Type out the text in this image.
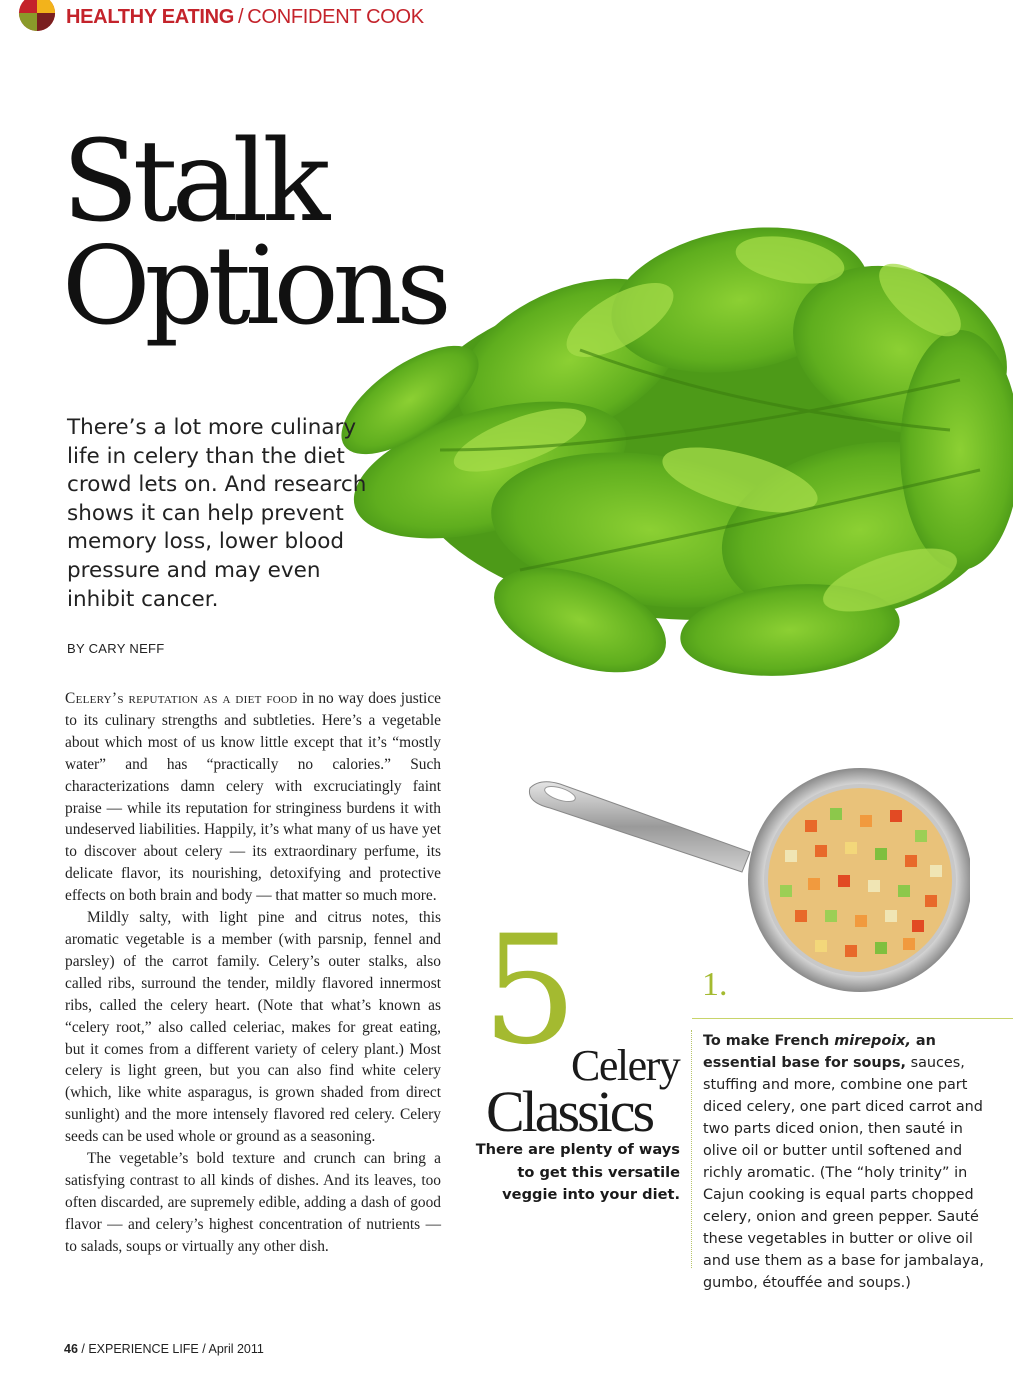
HEALTHY EATING / CONFIDENT COOK
Stalk
Options
There’s a lot more culinary life in celery than the diet crowd lets on. And research shows it can help prevent memory loss, lower blood pressure and may even inhibit cancer.
BY CARY NEFF

Celery’s reputation as a diet food in no way does justice to its culinary strengths and subtleties. Here’s a vegetable about which most of us know little except that it’s “mostly water” and has “practically no calories.” Such characterizations damn celery with excruciatingly faint praise — while its reputation for stringiness burdens it with undeserved liabilities. Happily, it’s what many of us have yet to discover about celery — its extraordinary perfume, its delicate flavor, its nourishing, detoxifying and protective effects on both brain and body — that matter so much more.

Mildly salty, with light pine and citrus notes, this aromatic vegetable is a member (with parsnip, fennel and parsley) of the carrot family. Celery’s outer stalks, also called ribs, surround the tender, mildly flavored innermost ribs, called the celery heart. (Note that what’s known as “celery root,” also called celeriac, makes for great eating, but it comes from a different variety of celery plant.) Most celery is light green, but you can also find white celery (which, like white asparagus, is grown shaded from direct sunlight) and the more intensely flavored red celery. Celery seeds can be used whole or ground as a seasoning.

The vegetable’s bold texture and crunch can bring a satisfying contrast to all kinds of dishes. And its leaves, too often discarded, are supremely edible, adding a dash of good flavor — and celery’s highest concentration of nutrients — to salads, soups or virtually any other dish.

5
Celery
Classics
There are plenty of ways to get this versatile veggie into your diet.
1.
To make French mirepoix, an essential base for soups, sauces, stuffing and more, combine one part diced celery, one part diced carrot and two parts diced onion, then sauté in olive oil or butter until softened and richly aromatic. (The “holy trinity” in Cajun cooking is equal parts chopped celery, onion and green pepper. Sauté these vegetables in butter or olive oil and use them as a base for jambalaya, gumbo, étouffée and soups.)
46 / EXPERIENCE LIFE / April 2011
